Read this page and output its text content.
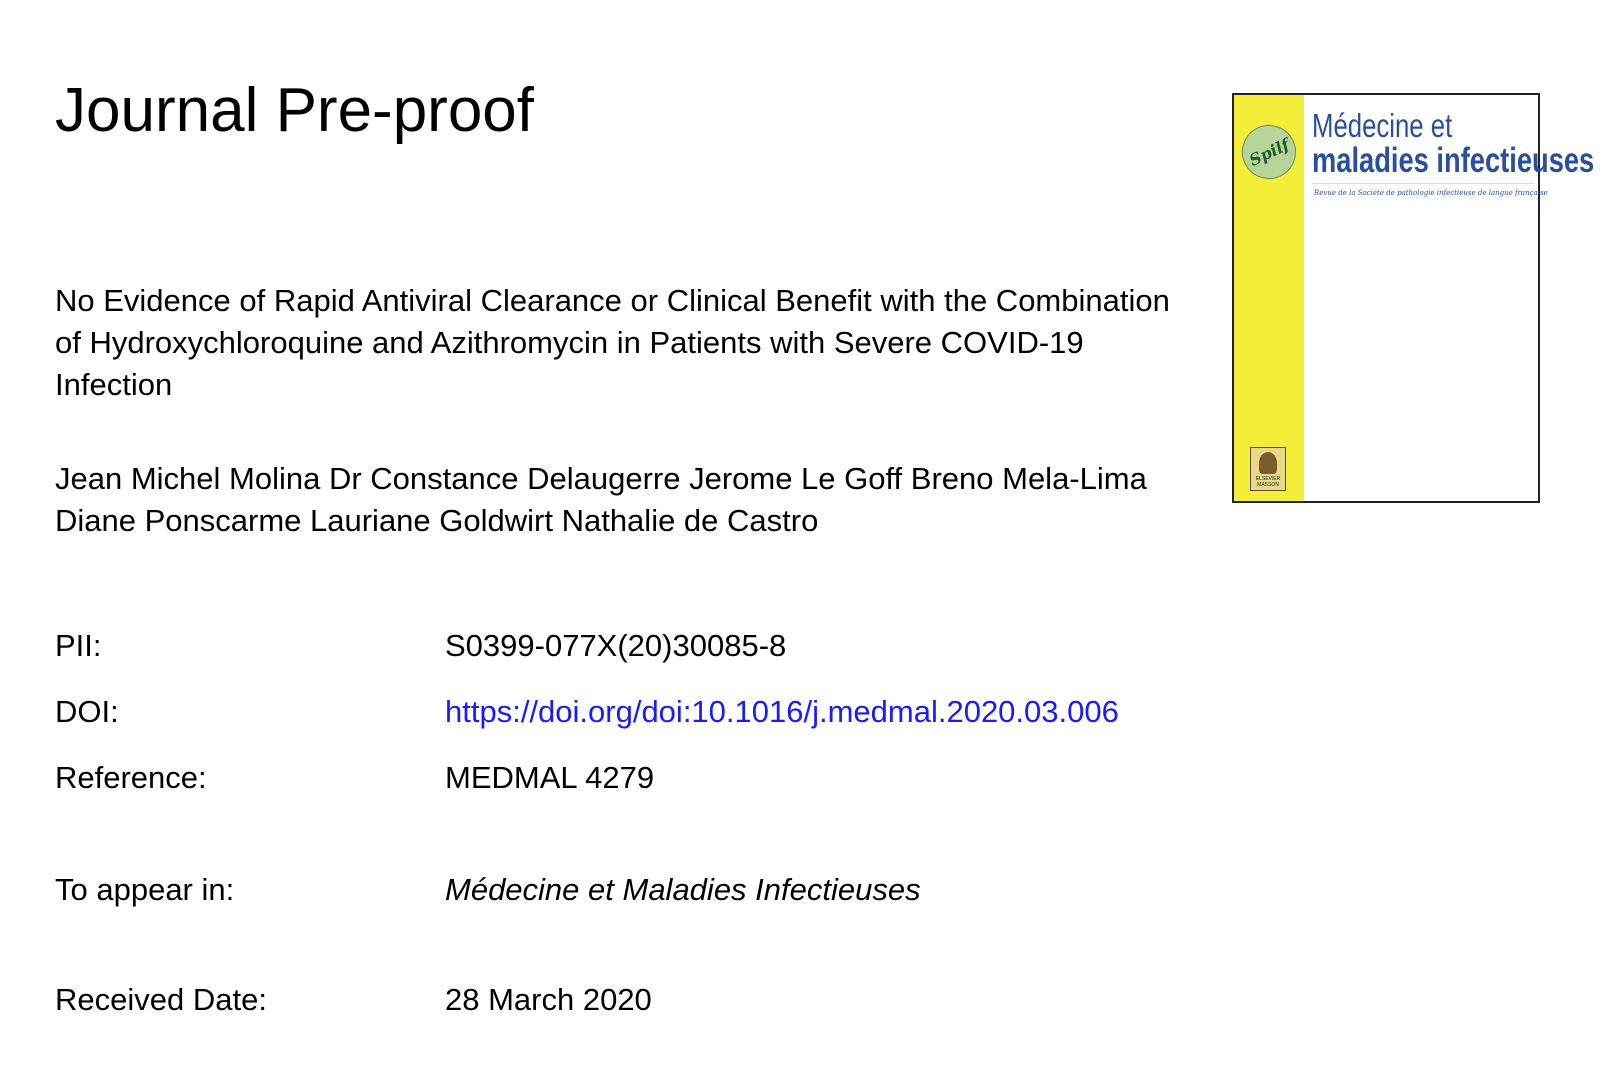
Journal Pre-proof
No Evidence of Rapid Antiviral Clearance or Clinical Benefit with the Combination of Hydroxychloroquine and Azithromycin in Patients with Severe COVID-19 Infection
Jean Michel Molina Dr Constance Delaugerre Jerome Le Goff Breno Mela-Lima Diane Ponscarme Lauriane Goldwirt Nathalie de Castro
PII:	S0399-077X(20)30085-8
DOI:	https://doi.org/doi:10.1016/j.medmal.2020.03.006
Reference:	MEDMAL 4279
To appear in:	Médecine et Maladies Infectieuses
Received Date:	28 March 2020
Spilf
ELSEVIER MASSON
Médecine et
maladies infectieuses
Revue de la Société de pathologie infectieuse de langue française
